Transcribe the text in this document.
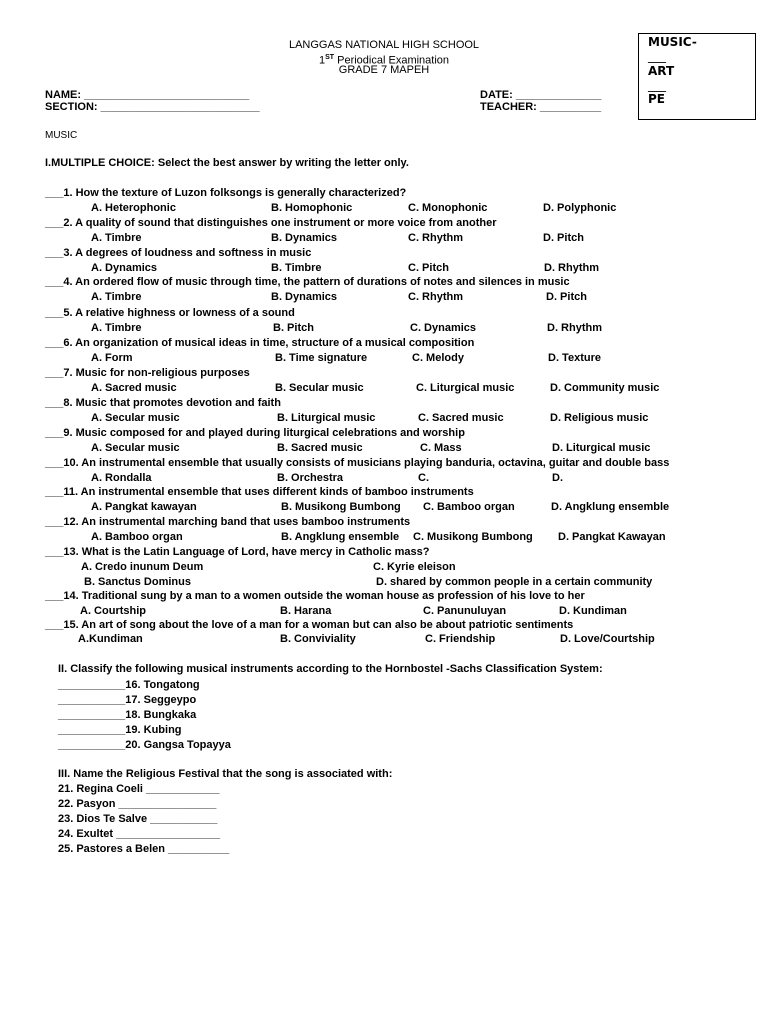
LANGGAS NATIONAL HIGH SCHOOL
1ST Periodical Examination
GRADE 7 MAPEH
MUSIC-
___
ART
___
PE
NAME: ___________________________
SECTION: __________________________
DATE: ______________
TEACHER: __________
MUSIC
I.MULTIPLE CHOICE: Select the best answer by writing the letter only.
___1. How the texture of Luzon folksongs is generally characterized?
A. Heterophonic	B. Homophonic	C. Monophonic	D. Polyphonic
___2. A quality of sound that distinguishes one instrument or more voice from another
A. Timbre	B. Dynamics	C. Rhythm	D. Pitch
___3. A degrees of loudness and softness in music
A. Dynamics	B. Timbre	C. Pitch	D. Rhythm
___4. An ordered flow of music through time, the pattern of durations of notes and silences in music
A. Timbre	B. Dynamics	C. Rhythm	D. Pitch
___5. A relative highness or lowness of a sound
A. Timbre	B. Pitch	C. Dynamics	D. Rhythm
___6. An organization of musical ideas in time, structure of a musical composition
A. Form	B. Time signature	C. Melody	D. Texture
___7. Music for non-religious purposes
A. Sacred music	B. Secular music	C. Liturgical music	D. Community music
___8. Music that promotes devotion and faith
A. Secular music	B. Liturgical music	C. Sacred music	D. Religious music
___9. Music composed for and played during liturgical celebrations and worship
A. Secular music	B. Sacred music	C. Mass	D. Liturgical music
___10. An instrumental ensemble that usually consists of musicians playing banduria, octavina, guitar and double bass
A. Rondalla	B. Orchestra	C.	D.
___11. An instrumental ensemble that uses different kinds of bamboo instruments
A. Pangkat kawayan	B. Musikong Bumbong C. Bamboo organ	D. Angklung ensemble
___12. An instrumental marching band that uses bamboo instruments
A. Bamboo organ	B. Angklung ensemble C. Musikong Bumbong D. Pangkat Kawayan
___13. What is the Latin Language of Lord, have mercy in Catholic mass?
A. Credo inunum Deum	C. Kyrie eleison
B. Sanctus Dominus	D. shared by common people in a certain community
___14. Traditional sung by a man to a women outside the woman house as profession of his love to her
A. Courtship	B. Harana	C. Panunuluyan	D. Kundiman
___15. An art of song about the love of a man for a woman but can also be about patriotic sentiments
A.Kundiman	B. Conviviality	C. Friendship	D. Love/Courtship
II. Classify the following musical instruments according to the Hornbostel -Sachs Classification System:
___________16. Tongatong
___________17. Seggeypo
___________18. Bungkaka
___________19. Kubing
___________20. Gangsa Topayya
III. Name the Religious Festival that the song is associated with:
21. Regina Coeli ____________
22. Pasyon ________________
23. Dios Te Salve ___________
24. Exultet _________________
25. Pastores a Belen __________
